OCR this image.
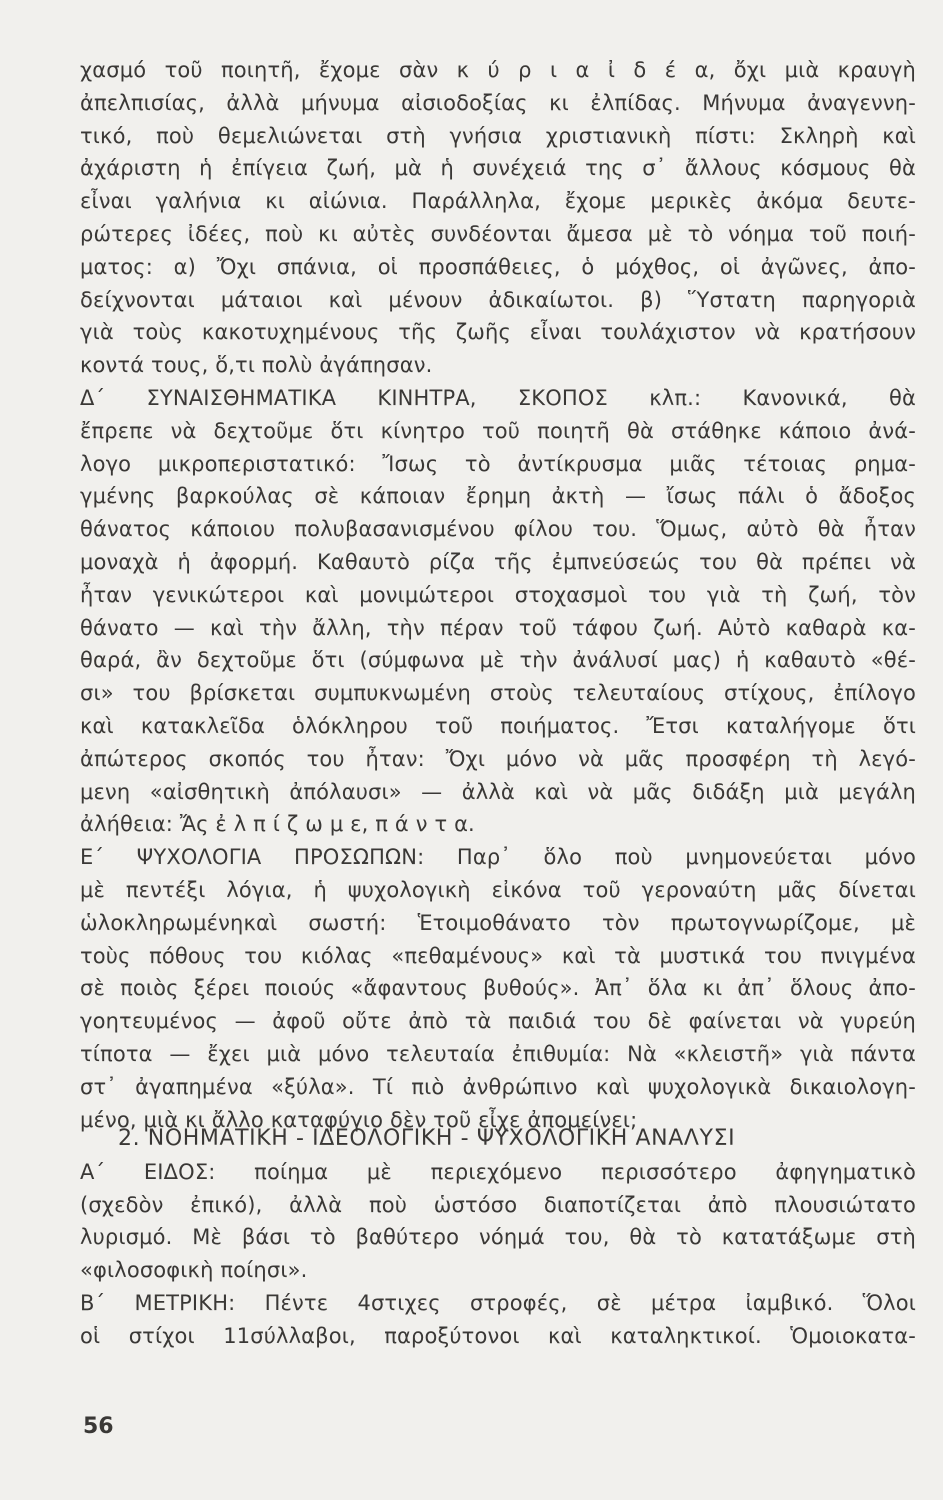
χασμό τοῦ ποιητῆ, ἔχομε σὰν κ ύ ρ ι α ἰ δ έ α, ὄχι μιὰ κραυγὴ
ἀπελπισίας, ἀλλὰ μήνυμα αἰσιοδοξίας κι ἐλπίδας. Μήνυμα ἀναγεννη-
τικό, ποὺ θεμελιώνεται στὴ γνήσια χριστιανικὴ πίστι: Σκληρὴ καὶ
ἀχάριστη ἡ ἐπίγεια ζωή, μὰ ἡ συνέχειά της σ᾽ ἄλλους κόσμους θὰ
εἶναι γαλήνια κι αἰώνια. Παράλληλα, ἔχομε μερικὲς ἀκόμα δευτε-
ρώτερες ἰδέες, ποὺ κι αὐτὲς συνδέονται ἄμεσα μὲ τὸ νόημα τοῦ ποιή-
ματος: α) Ὄχι σπάνια, οἱ προσπάθειες, ὁ μόχθος, οἱ ἀγῶνες, ἀπο-
δείχνονται μάταιοι καὶ μένουν ἀδικαίωτοι. β) Ὕστατη παρηγοριὰ
γιὰ τοὺς κακοτυχημένους τῆς ζωῆς εἶναι τουλάχιστον νὰ κρατήσουν
κοντά τους, ὅ,τι πολὺ ἀγάπησαν.
Δ΄ ΣΥΝΑΙΣΘΗΜΑΤΙΚΑ ΚΙΝΗΤΡΑ, ΣΚΟΠΟΣ κλπ.: Κανονικά, θὰ
ἔπρεπε νὰ δεχτοῦμε ὅτι κίνητρο τοῦ ποιητῆ θὰ στάθηκε κάποιο ἀνά-
λογο μικροπεριστατικό: Ἴσως τὸ ἀντίκρυσμα μιᾶς τέτοιας ρημα-
γμένης βαρκούλας σὲ κάποιαν ἔρημη ἀκτὴ — ἴσως πάλι ὁ ἄδοξος
θάνατος κάποιου πολυβασανισμένου φίλου του. Ὅμως, αὐτὸ θὰ ἦταν
μοναχὰ ἡ ἀφορμή. Καθαυτὸ ρίζα τῆς ἐμπνεύσεώς του θὰ πρέπει νὰ
ἦταν γενικώτεροι καὶ μονιμώτεροι στοχασμοὶ του γιὰ τὴ ζωή, τὸν
θάνατο — καὶ τὴν ἄλλη, τὴν πέραν τοῦ τάφου ζωή. Αὐτὸ καθαρὰ κα-
θαρά, ἂν δεχτοῦμε ὅτι (σύμφωνα μὲ τὴν ἀνάλυσί μας) ἡ καθαυτὸ «θέ-
σι» του βρίσκεται συμπυκνωμένη στοὺς τελευταίους στίχους, ἐπίλογο
καὶ κατακλεῖδα ὁλόκληρου τοῦ ποιήματος. Ἔτσι καταλήγομε ὅτι
ἀπώτερος σκοπός του ἦταν: Ὄχι μόνο νὰ μᾶς προσφέρη τὴ λεγό-
μενη «αἰσθητικὴ ἀπόλαυσι» — ἀλλὰ καὶ νὰ μᾶς διδάξη μιὰ μεγάλη
ἀλήθεια: Ἄς ἐ λ π ί ζ ω μ ε, π ά ν τ α.
Ε΄ ΨΥΧΟΛΟΓΙΑ ΠΡΟΣΩΠΩΝ: Παρ᾽ ὅλο ποὺ μνημονεύεται μόνο
μὲ πεντέξι λόγια, ἡ ψυχολογικὴ εἰκόνα τοῦ γεροναύτη μᾶς δίνεται
ὡλοκληρωμένηκαὶ σωστή: Ἑτοιμοθάνατο τὸν πρωτογνωρίζομε, μὲ
τοὺς πόθους του κιόλας «πεθαμένους» καὶ τὰ μυστικά του πνιγμένα
σὲ ποιὸς ξέρει ποιούς «ἄφαντους βυθούς». Ἀπ᾽ ὅλα κι ἀπ᾽ ὅλους ἀπο-
γοητευμένος — ἀφοῦ οὔτε ἀπὸ τὰ παιδιά του δὲ φαίνεται νὰ γυρεύη
τίποτα — ἔχει μιὰ μόνο τελευταία ἐπιθυμία: Νὰ «κλειστῆ» γιὰ πάντα
στ᾽ ἀγαπημένα «ξύλα». Τί πιὸ ἀνθρώπινο καὶ ψυχολογικὰ δικαιολογη-
μένο, μιὰ κι ἄλλο καταφύγιο δὲν τοῦ εἶχε ἀπομείνει;
2. ΝΟΗΜΑΤΙΚΗ - ΙΔΕΟΛΟΓΙΚΗ - ΨΥΧΟΛΟΓΙΚΗ ΑΝΑΛΥΣΙ
Α΄ ΕΙΔΟΣ: ποίημα μὲ περιεχόμενο περισσότερο ἀφηγηματικὸ
(σχεδὸν ἐπικό), ἀλλὰ ποὺ ὡστόσο διαποτίζεται ἀπὸ πλουσιώτατο
λυρισμό. Μὲ βάσι τὸ βαθύτερο νόημά του, θὰ τὸ κατατάξωμε στὴ
«φιλοσοφικὴ ποίησι».
Β΄ ΜΕΤΡΙΚΗ: Πέντε 4στιχες στροφές, σὲ μέτρα ἰαμβικό. Ὅλοι
οἱ στίχοι 11σύλλαβοι, παροξύτονοι καὶ καταληκτικοί. Ὁμοιοκατα-
56
